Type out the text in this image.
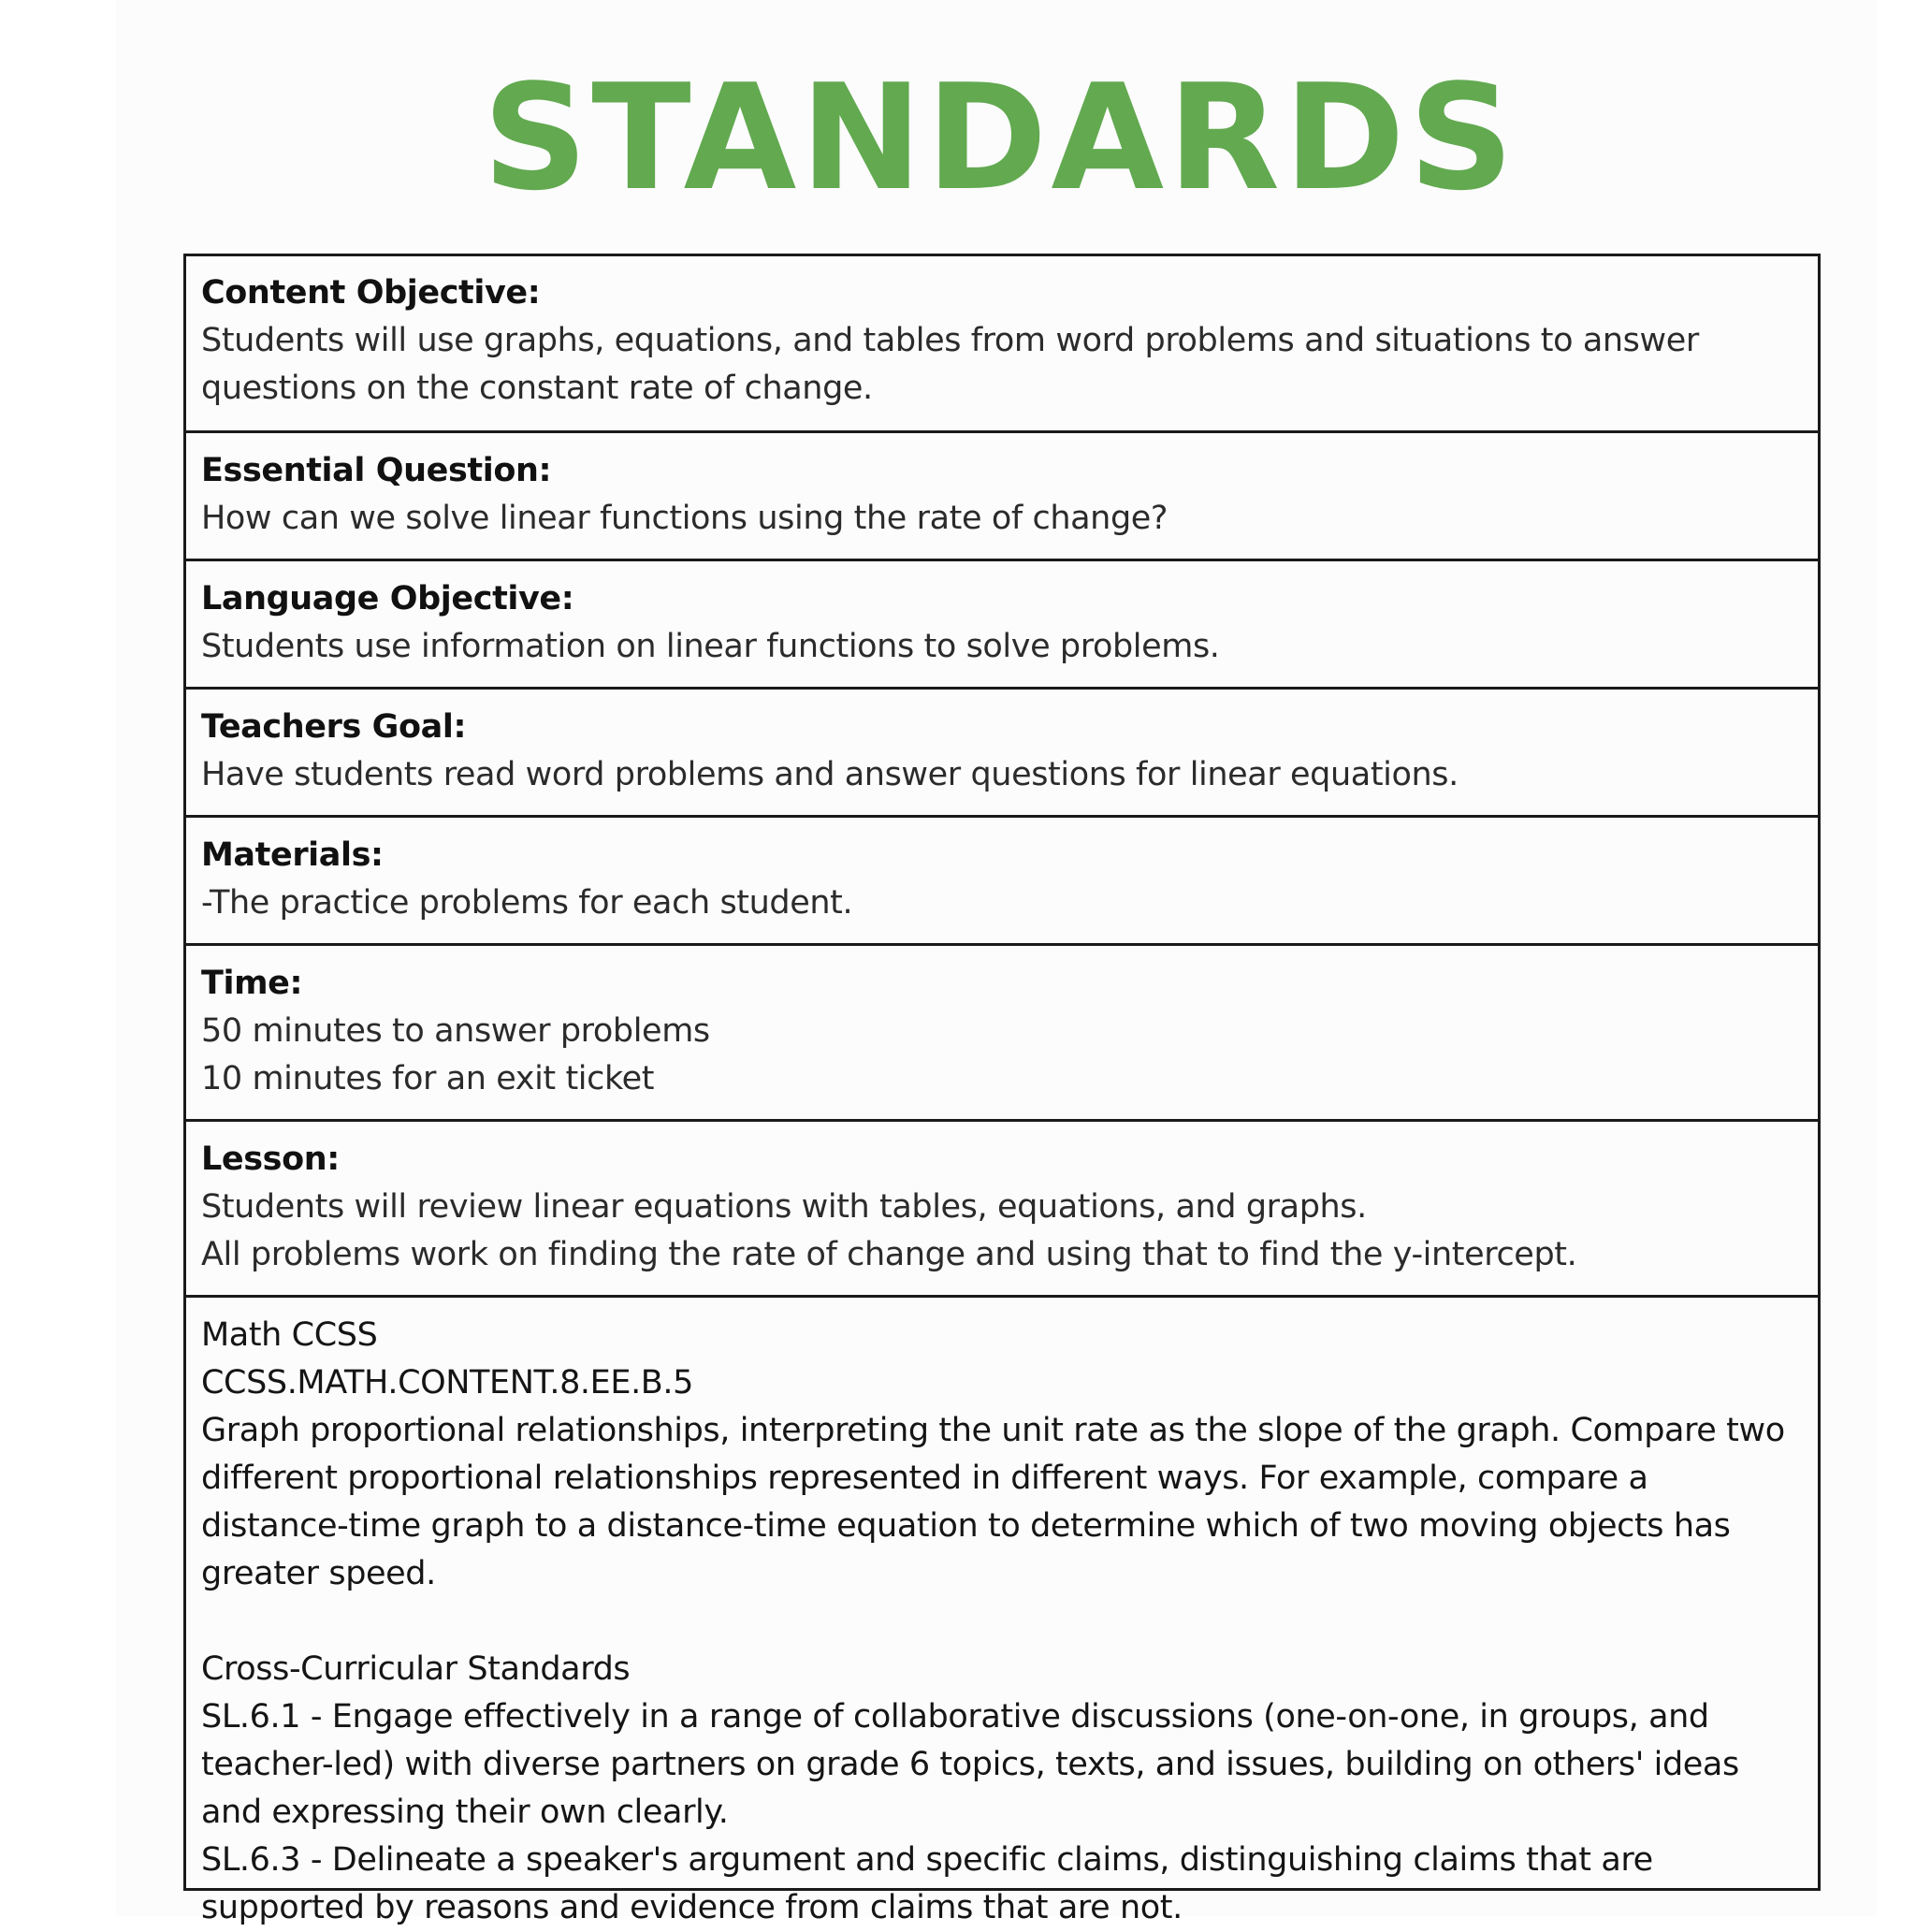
STANDARDS
Content Objective:
Students will use graphs, equations, and tables from word problems and situations to answer questions on the constant rate of change.
Essential Question:
How can we solve linear functions using the rate of change?
Language Objective:
Students use information on linear functions to solve problems.
Teachers Goal:
Have students read word problems and answer questions for linear equations.
Materials:
-The practice problems for each student.
Time:
50 minutes to answer problems
10 minutes for an exit ticket
Lesson:
Students will review linear equations with tables, equations, and graphs.
All problems work on finding the rate of change and using that to find the y-intercept.
Math CCSS
CCSS.MATH.CONTENT.8.EE.B.5
Graph proportional relationships, interpreting the unit rate as the slope of the graph. Compare two different proportional relationships represented in different ways. For example, compare a distance-time graph to a distance-time equation to determine which of two moving objects has greater speed.
Cross-Curricular Standards
SL.6.1 - Engage effectively in a range of collaborative discussions (one-on-one, in groups, and teacher-led) with diverse partners on grade 6 topics, texts, and issues, building on others' ideas and expressing their own clearly.
SL.6.3 - Delineate a speaker's argument and specific claims, distinguishing claims that are supported by reasons and evidence from claims that are not.
